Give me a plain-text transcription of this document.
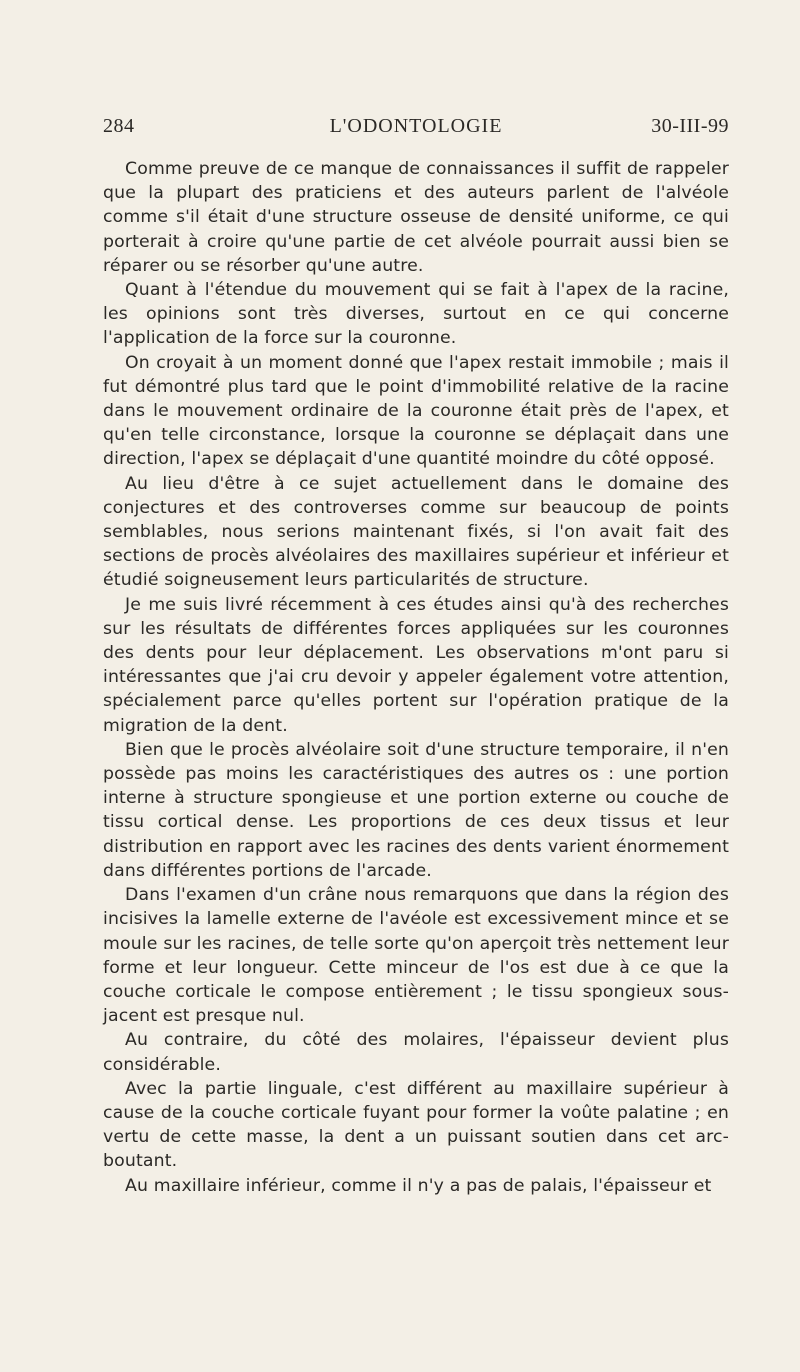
L'ODONTOLOGIE
284	30-III-99

Comme preuve de ce manque de connaissances il suffit de rappeler que la plupart des praticiens et des auteurs parlent de l'alvéole comme s'il était d'une structure osseuse de densité uniforme, ce qui porterait à croire qu'une partie de cet alvéole pourrait aussi bien se réparer ou se résorber qu'une autre.

Quant à l'étendue du mouvement qui se fait à l'apex de la racine, les opinions sont très diverses, surtout en ce qui concerne l'application de la force sur la couronne.

On croyait à un moment donné que l'apex restait immobile ; mais il fut démontré plus tard que le point d'immobilité relative de la racine dans le mouvement ordinaire de la couronne était près de l'apex, et qu'en telle circonstance, lorsque la couronne se déplaçait dans une direction, l'apex se déplaçait d'une quantité moindre du côté opposé.

Au lieu d'être à ce sujet actuellement dans le domaine des conjectures et des controverses comme sur beaucoup de points semblables, nous serions maintenant fixés, si l'on avait fait des sections de procès alvéolaires des maxillaires supérieur et inférieur et étudié soigneusement leurs particularités de structure.

Je me suis livré récemment à ces études ainsi qu'à des recherches sur les résultats de différentes forces appliquées sur les couronnes des dents pour leur déplacement. Les observations m'ont paru si intéressantes que j'ai cru devoir y appeler également votre attention, spécialement parce qu'elles portent sur l'opération pratique de la migration de la dent.

Bien que le procès alvéolaire soit d'une structure temporaire, il n'en possède pas moins les caractéristiques des autres os : une portion interne à structure spongieuse et une portion externe ou couche de tissu cortical dense. Les proportions de ces deux tissus et leur distribution en rapport avec les racines des dents varient énormement dans différentes portions de l'arcade.

Dans l'examen d'un crâne nous remarquons que dans la région des incisives la lamelle externe de l'avéole est excessivement mince et se moule sur les racines, de telle sorte qu'on aperçoit très nettement leur forme et leur longueur. Cette minceur de l'os est due à ce que la couche corticale le compose entièrement ; le tissu spongieux sous-jacent est presque nul.

Au contraire, du côté des molaires, l'épaisseur devient plus considérable.

Avec la partie linguale, c'est différent au maxillaire supérieur à cause de la couche corticale fuyant pour former la voûte palatine ; en vertu de cette masse, la dent a un puissant soutien dans cet arc-boutant.

Au maxillaire inférieur, comme il n'y a pas de palais, l'épaisseur et
